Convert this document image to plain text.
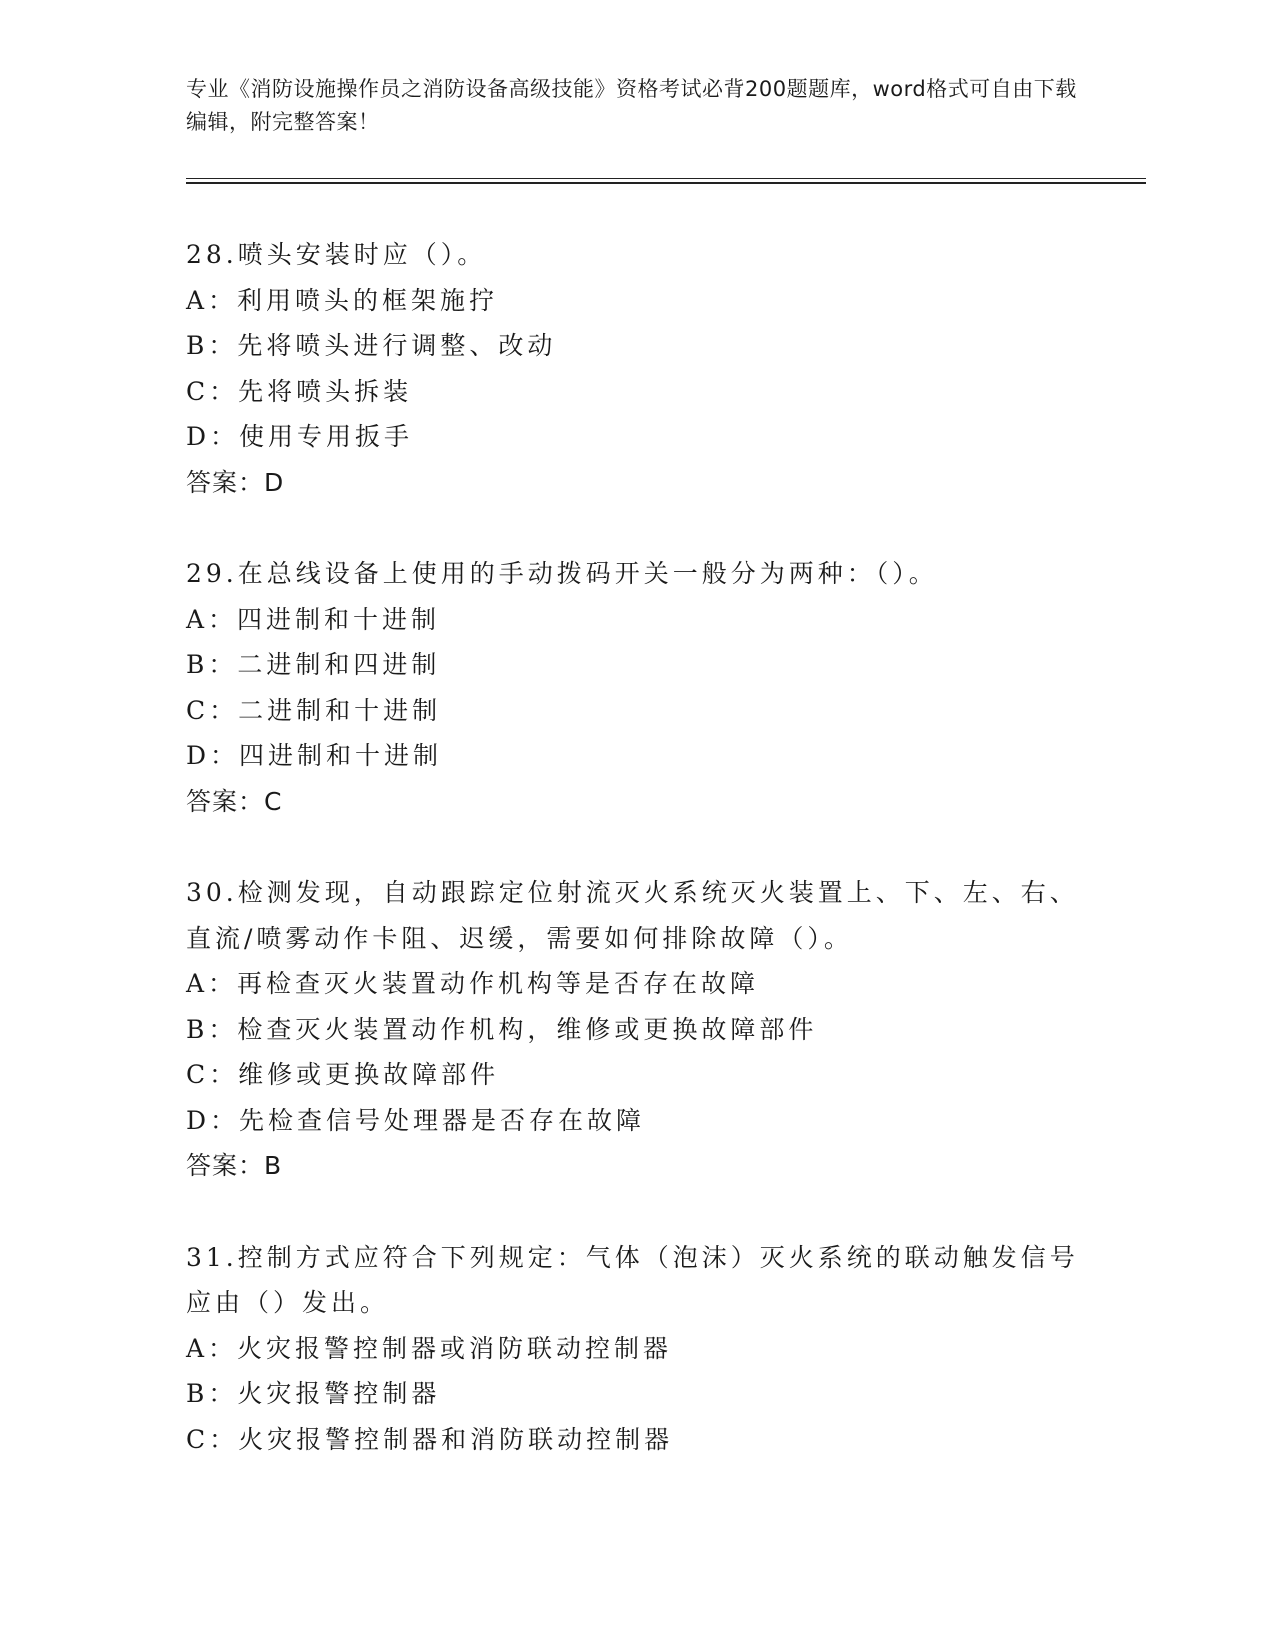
专业《消防设施操作员之消防设备高级技能》资格考试必背200题题库，word格式可自由下载编辑，附完整答案！
28.喷头安装时应（）。
A：利用喷头的框架施拧
B：先将喷头进行调整、改动
C：先将喷头拆装
D：使用专用扳手
答案：D
29.在总线设备上使用的手动拨码开关一般分为两种：（）。
A：四进制和十进制
B：二进制和四进制
C：二进制和十进制
D：四进制和十进制
答案：C
30.检测发现，自动跟踪定位射流灭火系统灭火装置上、下、左、右、直流/喷雾动作卡阻、迟缓，需要如何排除故障（）。
A：再检查灭火装置动作机构等是否存在故障
B：检查灭火装置动作机构，维修或更换故障部件
C：维修或更换故障部件
D：先检查信号处理器是否存在故障
答案：B
31.控制方式应符合下列规定：气体（泡沫）灭火系统的联动触发信号应由（）发出。
A：火灾报警控制器或消防联动控制器
B：火灾报警控制器
C：火灾报警控制器和消防联动控制器
